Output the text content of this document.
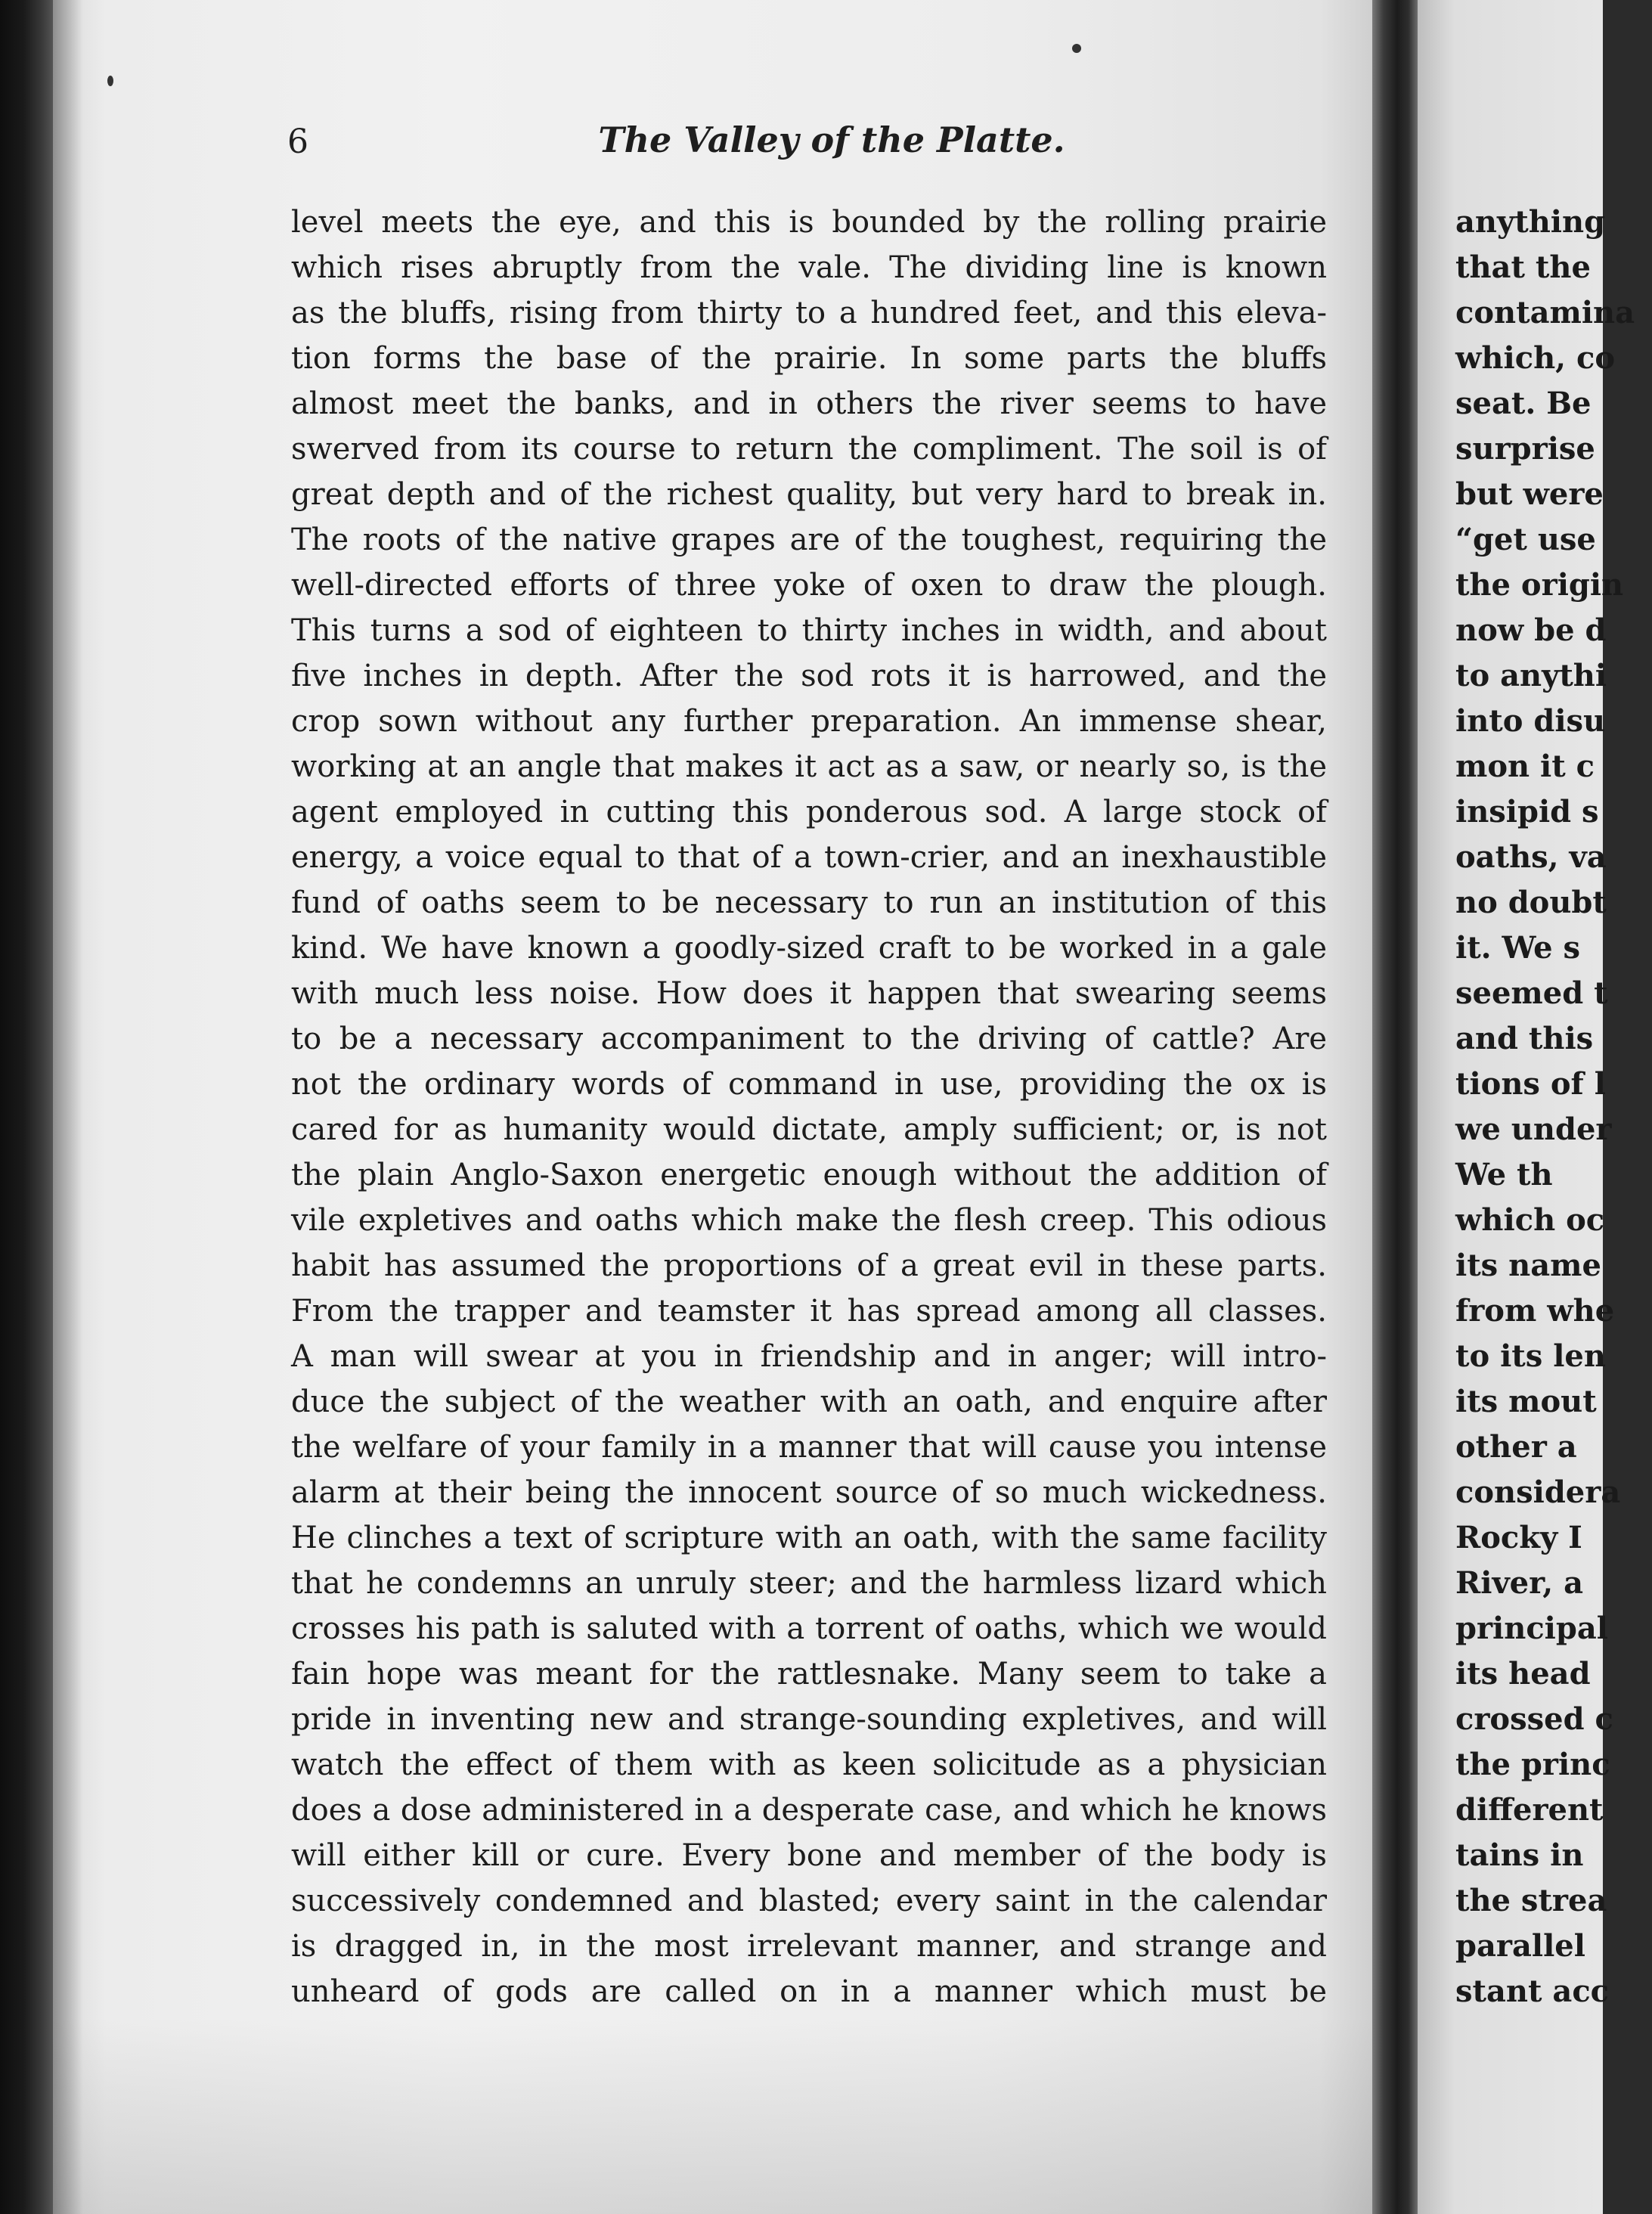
6	The Valley of the Platte.
level meets the eye, and this is bounded by the rolling prairie
which rises abruptly from the vale. The dividing line is known
as the bluffs, rising from thirty to a hundred feet, and this eleva-
tion forms the base of the prairie. In some parts the bluffs
almost meet the banks, and in others the river seems to have
swerved from its course to return the compliment. The soil is of
great depth and of the richest quality, but very hard to break in.
The roots of the native grapes are of the toughest, requiring the
well-directed efforts of three yoke of oxen to draw the plough.
This turns a sod of eighteen to thirty inches in width, and about
five inches in depth. After the sod rots it is harrowed, and the
crop sown without any further preparation. An immense shear,
working at an angle that makes it act as a saw, or nearly so, is the
agent employed in cutting this ponderous sod. A large stock of
energy, a voice equal to that of a town-crier, and an inexhaustible
fund of oaths seem to be necessary to run an institution of this
kind. We have known a goodly-sized craft to be worked in a gale
with much less noise. How does it happen that swearing seems
to be a necessary accompaniment to the driving of cattle? Are
not the ordinary words of command in use, providing the ox is
cared for as humanity would dictate, amply sufficient; or, is not
the plain Anglo-Saxon energetic enough without the addition of
vile expletives and oaths which make the flesh creep. This odious
habit has assumed the proportions of a great evil in these parts.
From the trapper and teamster it has spread among all classes.
A man will swear at you in friendship and in anger; will intro-
duce the subject of the weather with an oath, and enquire after
the welfare of your family in a manner that will cause you intense
alarm at their being the innocent source of so much wickedness.
He clinches a text of scripture with an oath, with the same facility
that he condemns an unruly steer; and the harmless lizard which
crosses his path is saluted with a torrent of oaths, which we would
fain hope was meant for the rattlesnake. Many seem to take a
pride in inventing new and strange-sounding expletives, and will
watch the effect of them with as keen solicitude as a physician
does a dose administered in a desperate case, and which he knows
will either kill or cure. Every bone and member of the body is
successively condemned and blasted; every saint in the calendar
is dragged in, in the most irrelevant manner, and strange and
unheard of gods are called on in a manner which must be
anything
that the
contamina
which, co
seat. Be
surprise
but were
“get use
the origin
now be d
to anythi
into disu
mon it c
insipid s
oaths, va
no doubt
it. We s
seemed t
and this
tions of l
we under
We th
which oc
its name
from whe
to its len
its mout
other a
considera
Rocky I
River, a
principal
its head
crossed c
the princ
different
tains in
the strea
parallel
stant acc
